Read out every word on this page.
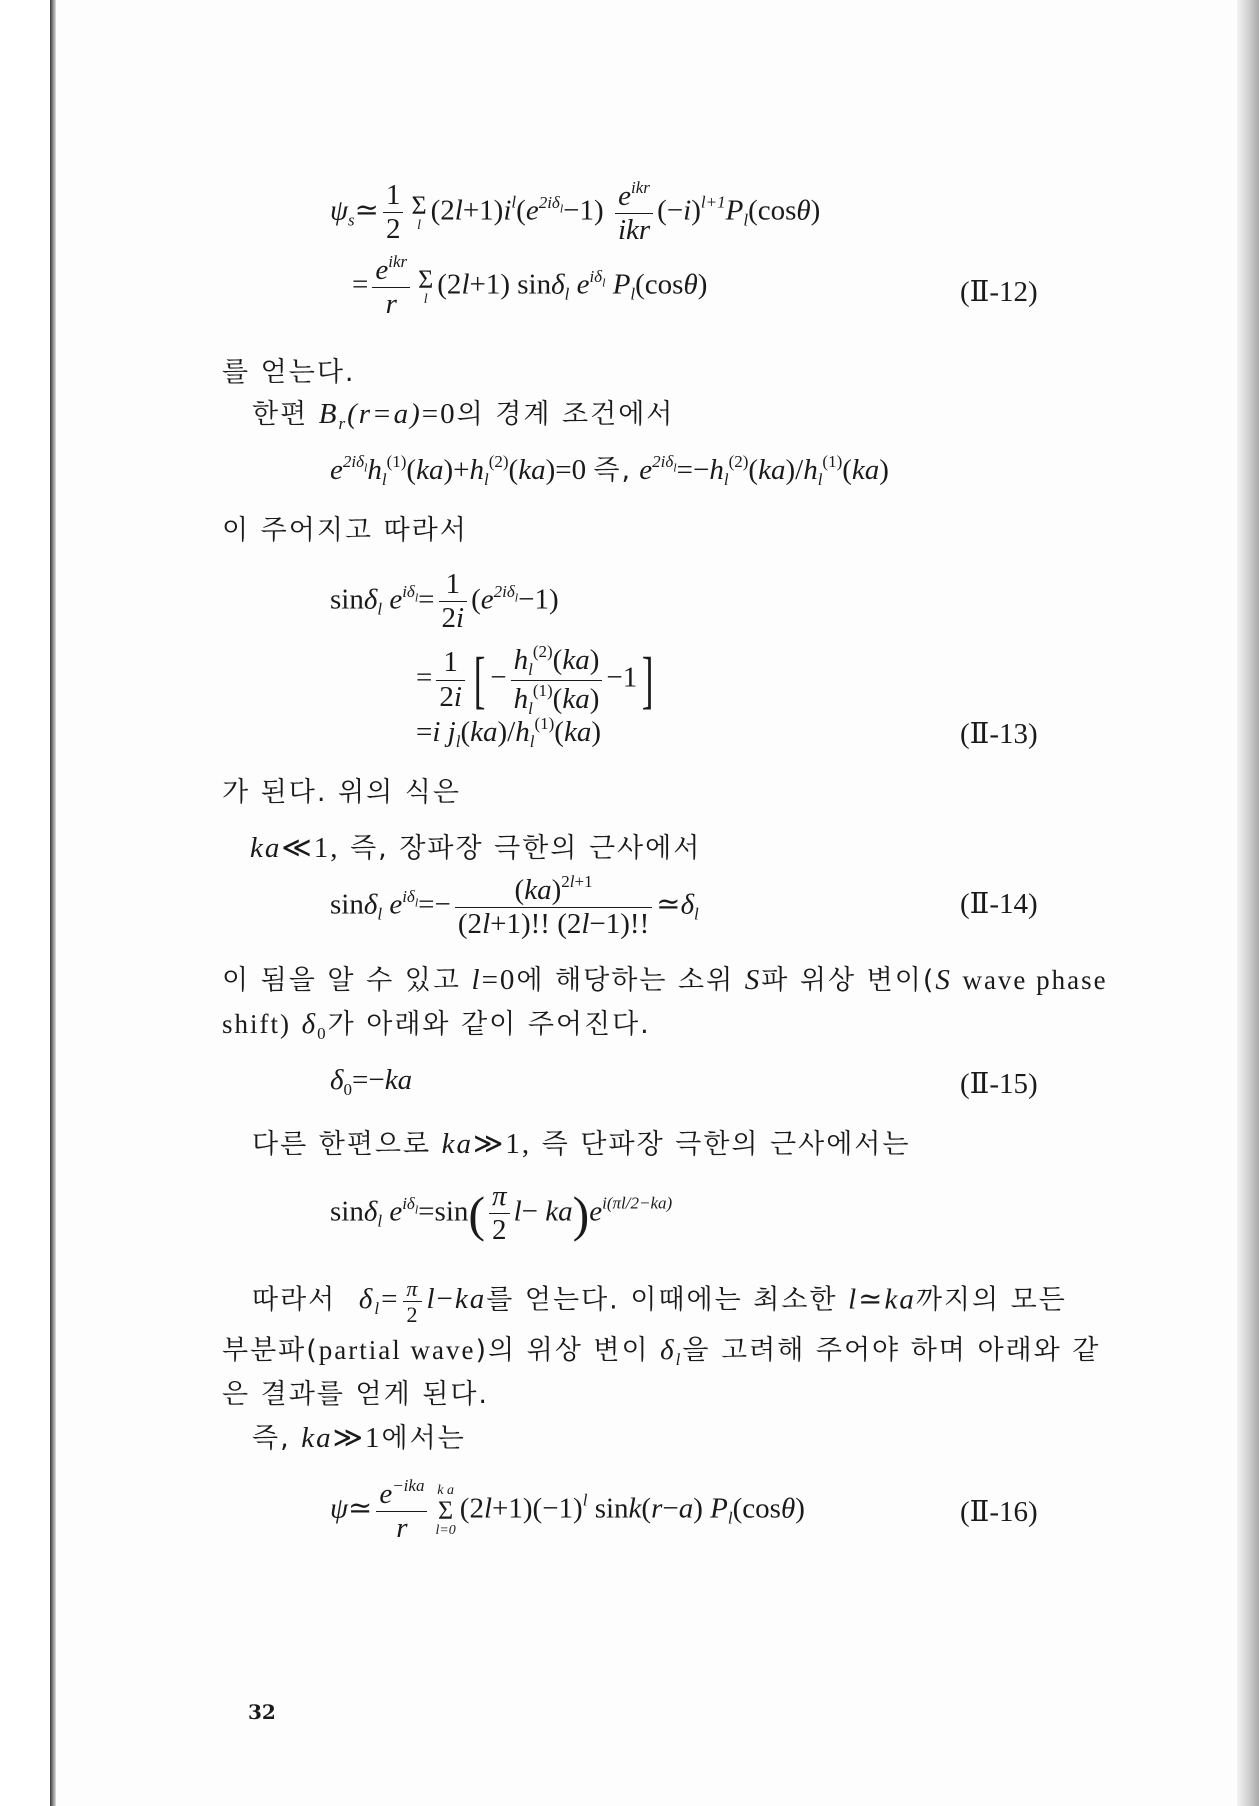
$\psi_s≃ \frac{1}{2}$ Σ
l $(2l+1)i^l(e^{2i\delta_l}-1) \frac{e^{ikr}}{\text{ikr}} (-i)^{l+1}P_l(\cos\theta)$
= $\frac{e^{ikr}}{r}$ Σ
l (2l+1) sinδ$_l$ $e^{i\delta_l}$ $P_l(\cos\theta)$	(Ⅱ-12)
를 얻는다.
한편 $B_r(r=a)=0$의 경계 조건에서
$e^{2i\delta_l}h_l^{(1)}(ka)+h_l^{(2)}(ka)=0$ 즉, $e^{2i\delta_l}=-h_l^{(2)}(ka)/h_l^{(1)}(ka)$
이 주어지고 따라서
sinδ$_l$ $e^{i\delta_l}= \frac{1}{2i} (e^{2i\delta_l}-1)$
= $\frac{1}{2i}$ [ − $\frac{h_l^{(2)}(ka)}{h_l^{(1)}(ka)} -1$]
=i $j_l(ka)/h_l^{(1)}(ka)$	(Ⅱ-13)
가 된다. 위의 식은
ka≪1, 즉, 장파장 극한의 근사에서
sinδ$_l$ $e^{i\delta_l}=- \frac{(ka)^{2l+1}}{(2l+1)!! (2l-1)!!}$ $≃\delta_l$	(Ⅱ-14)
이 됨을 알 수 있고 l=0에 해당하는 소위 S파 위상 변이(S wave phase
shift) $\delta_0$가 아래와 같이 주어진다.
$\delta_0=-ka$	(Ⅱ-15)
다른 한편으로 ka≫1, 즉 단파장 극한의 근사에서는
sinδ$_l$ $e^{i\delta_l}=\sin( \frac{\pi}{2} l- ka)e^{i(\pi l/2-ka)}$
따라서 $\delta_l= \frac{\pi}{2} l-ka$를 얻는다. 이때에는 최소한 l≃ka까지의 모든
부분파(partial wave)의 위상 변이 $\delta_l$을 고려해 주어야 하며 아래와 같
은 결과를 얻게 된다.
즉, ka≫1에서는
ψ≃ $\frac{e^{-ika}}{r}$ k a
Σ
l=0
$(2l+1)(-1)^l$ sink(r−a) $P_l(\cos\theta)$	(Ⅱ-16)
32
